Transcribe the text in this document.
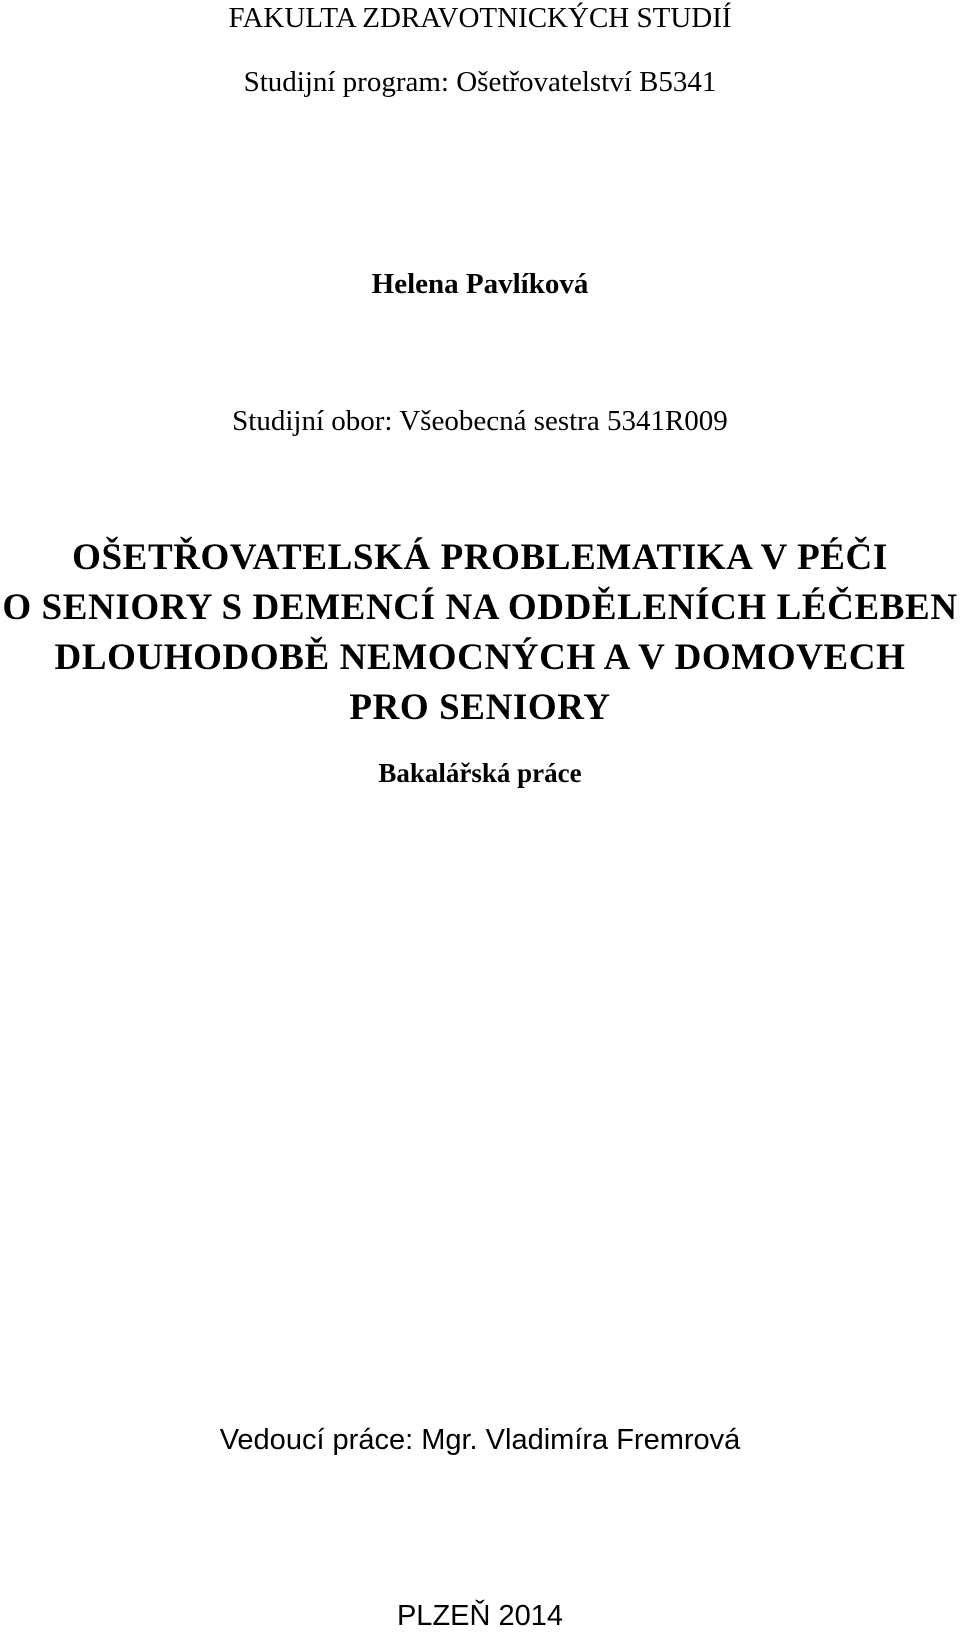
FAKULTA ZDRAVOTNICKÝCH STUDIÍ

Studijní program: Ošetřovatelství B5341

Helena Pavlíková

Studijní obor: Všeobecná sestra 5341R009

OŠETŘOVATELSKÁ PROBLEMATIKA V PÉČI

O SENIORY S DEMENCÍ NA ODDĚLENÍCH LÉČEBEN

DLOUHODOBĚ NEMOCNÝCH A V DOMOVECH

PRO SENIORY

Bakalářská práce

Vedoucí práce: Mgr. Vladimíra Fremrová

PLZEŇ 2014
